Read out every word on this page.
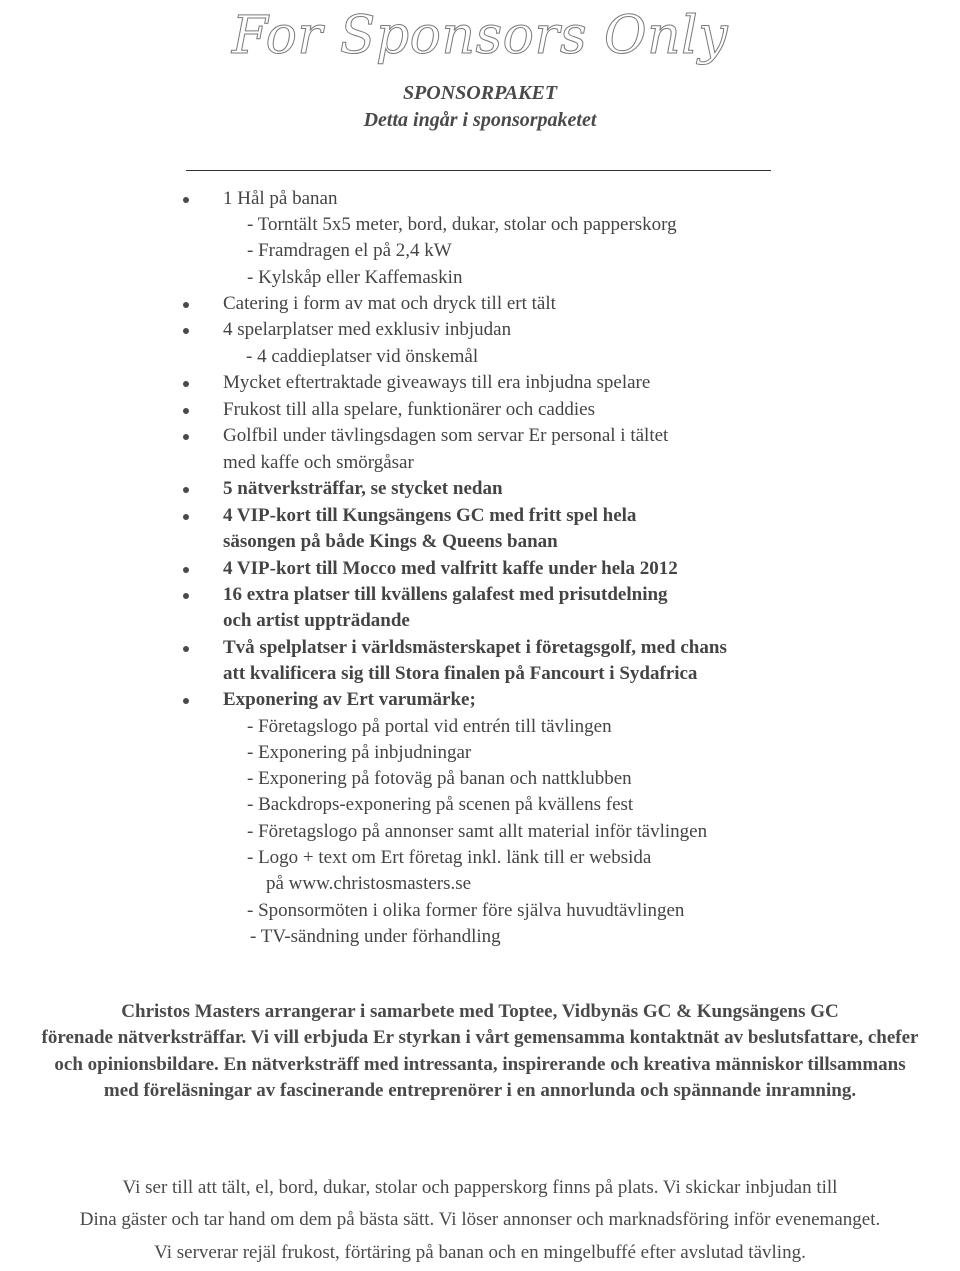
For Sponsors Only
SPONSORPAKET
Detta ingår i sponsorpaketet
1 Hål på banan
- Torntält 5x5 meter, bord, dukar, stolar och papperskorg
- Framdragen el på 2,4 kW
- Kylskåp eller Kaffemaskin
Catering i form av mat och dryck till ert tält
4 spelarplatser med exklusiv inbjudan
- 4 caddieplatser vid önskemål
Mycket eftertraktade giveaways till era inbjudna spelare
Frukost till alla spelare, funktionärer och caddies
Golfbil under tävlingsdagen som servar Er personal i tältet
med kaffe och smörgåsar
5 nätverksträffar, se stycket nedan
4 VIP-kort till Kungsängens GC med fritt spel hela
säsongen på både Kings & Queens banan
4 VIP-kort till Mocco med valfritt kaffe under hela 2012
16 extra platser till kvällens galafest med prisutdelning
och artist uppträdande
Två spelplatser i världsmästerskapet i företagsgolf, med chans
att kvalificera sig till Stora finalen på Fancourt i Sydafrica
Exponering av Ert varumärke;
- Företagslogo på portal vid entrén till tävlingen
- Exponering på inbjudningar
- Exponering på fotoväg på banan och nattklubben
- Backdrops-exponering på scenen på kvällens fest
- Företagslogo på annonser samt allt material inför tävlingen
- Logo + text om Ert företag inkl. länk till er websida
på www.christosmasters.se
- Sponsormöten i olika former före själva huvudtävlingen
- TV-sändning under förhandling
Christos Masters arrangerar i samarbete med Toptee, Vidbynäs GC & Kungsängens GC
förenade nätverksträffar. Vi vill erbjuda Er styrkan i vårt gemensamma kontaktnät av beslutsfattare, chefer
och opinionsbildare. En nätverksträff med intressanta, inspirerande och kreativa människor tillsammans
med föreläsningar av fascinerande entreprenörer i en annorlunda och spännande inramning.
Vi ser till att tält, el, bord, dukar, stolar och papperskorg finns på plats. Vi skickar inbjudan till
Dina gäster och tar hand om dem på bästa sätt. Vi löser annonser och marknadsföring inför evenemanget.
Vi serverar rejäl frukost, förtäring på banan och en mingelbuffé efter avslutad tävling.
